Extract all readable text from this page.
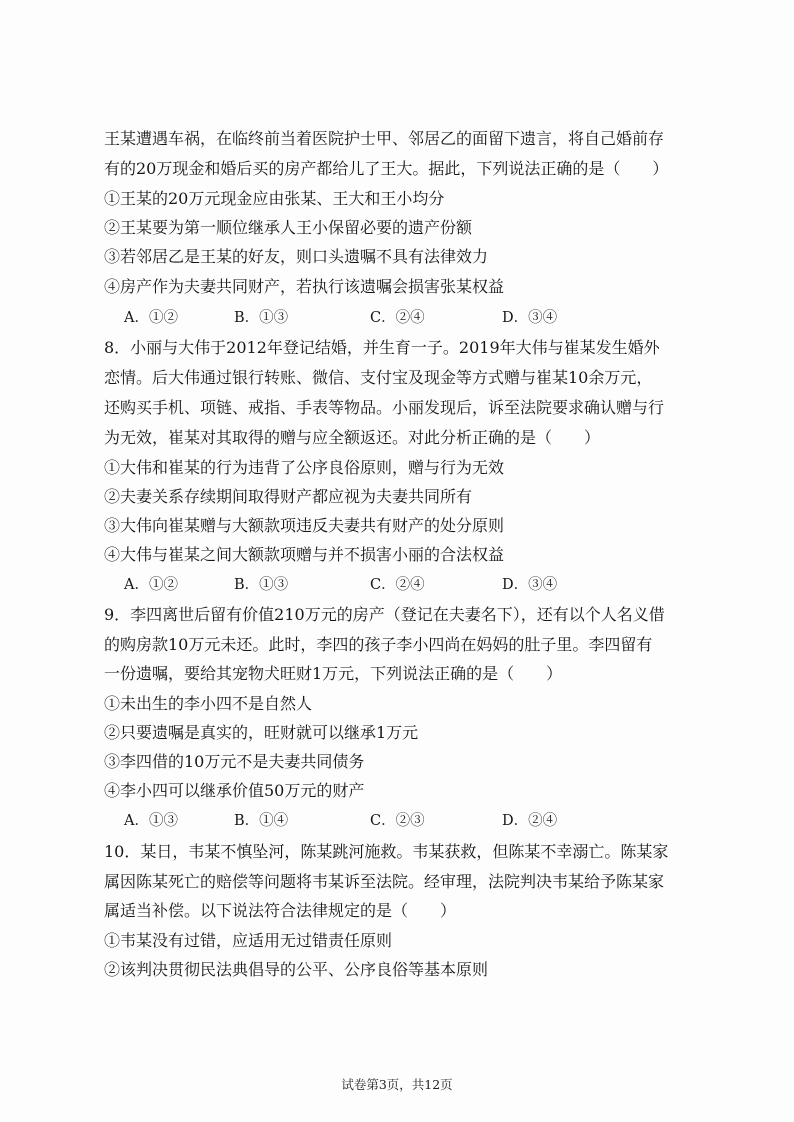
王某遭遇车祸，在临终前当着医院护士甲、邻居乙的面留下遗言，将自己婚前存
有的20万现金和婚后买的房产都给儿了王大。据此，下列说法正确的是（　　）
①王某的20万元现金应由张某、王大和王小均分
②王某要为第一顺位继承人王小保留必要的遗产份额
③若邻居乙是王某的好友，则口头遗嘱不具有法律效力
④房产作为夫妻共同财产，若执行该遗嘱会损害张某权益
A．①②	B．①③	C．②④	D．③④
8．小丽与大伟于2012年登记结婚，并生育一子。2019年大伟与崔某发生婚外
恋情。后大伟通过银行转账、微信、支付宝及现金等方式赠与崔某10余万元，
还购买手机、项链、戒指、手表等物品。小丽发现后，诉至法院要求确认赠与行
为无效，崔某对其取得的赠与应全额返还。对此分析正确的是（　　）
①大伟和崔某的行为违背了公序良俗原则，赠与行为无效
②夫妻关系存续期间取得财产都应视为夫妻共同所有
③大伟向崔某赠与大额款项违反夫妻共有财产的处分原则
④大伟与崔某之间大额款项赠与并不损害小丽的合法权益
A．①②	B．①③	C．②④	D．③④
9．李四离世后留有价值210万元的房产（登记在夫妻名下），还有以个人名义借
的购房款10万元未还。此时，李四的孩子李小四尚在妈妈的肚子里。李四留有
一份遗嘱，要给其宠物犬旺财1万元，下列说法正确的是（　　）
①未出生的李小四不是自然人
②只要遗嘱是真实的，旺财就可以继承1万元
③李四借的10万元不是夫妻共同债务
④李小四可以继承价值50万元的财产
A．①③	B．①④	C．②③	D．②④
10．某日，韦某不慎坠河，陈某跳河施救。韦某获救，但陈某不幸溺亡。陈某家
属因陈某死亡的赔偿等问题将韦某诉至法院。经审理，法院判决韦某给予陈某家
属适当补偿。以下说法符合法律规定的是（　　）
①韦某没有过错，应适用无过错责任原则
②该判决贯彻民法典倡导的公平、公序良俗等基本原则
试卷第3页，共12页
